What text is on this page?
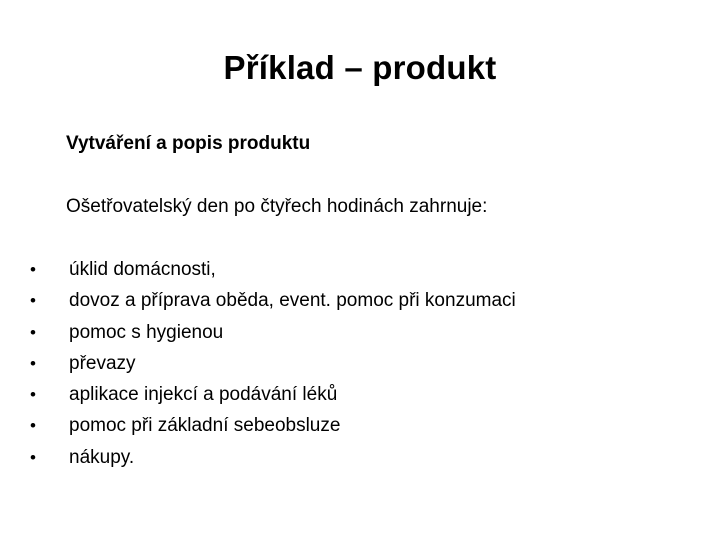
Příklad – produkt
Vytváření a popis produktu
Ošetřovatelský den po čtyřech hodinách zahrnuje:
•	úklid domácnosti,
•	dovoz a příprava oběda, event. pomoc při konzumaci
•	pomoc s hygienou
•	převazy
•	aplikace injekcí a podávání léků
•	pomoc při základní sebeobsluze
•	nákupy.
